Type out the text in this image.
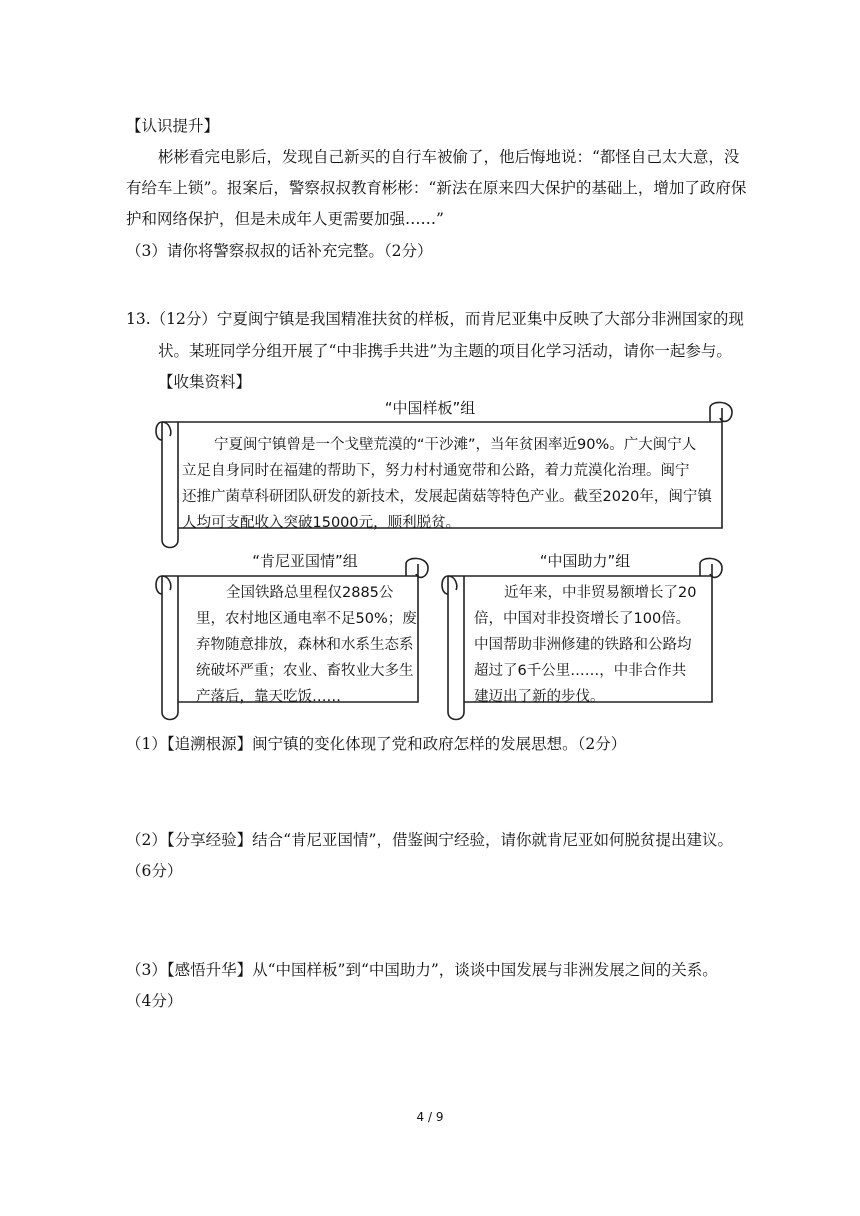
【认识提升】
彬彬看完电影后，发现自己新买的自行车被偷了，他后悔地说：“都怪自己太大意，没
有给车上锁”。报案后，警察叔叔教育彬彬：“新法在原来四大保护的基础上，增加了政府保
护和网络保护，但是未成年人更需要加强……”
（3）请你将警察叔叔的话补充完整。（2分）
13.（12分）宁夏闽宁镇是我国精准扶贫的样板，而肯尼亚集中反映了大部分非洲国家的现
状。某班同学分组开展了“中非携手共进”为主题的项目化学习活动，请你一起参与。
【收集资料】
“中国样板”组
宁夏闽宁镇曾是一个戈壁荒漠的“干沙滩”，当年贫困率近90%。广大闽宁人
立足自身同时在福建的帮助下，努力村村通宽带和公路，着力荒漠化治理。闽宁
还推广菌草科研团队研发的新技术，发展起菌菇等特色产业。截至2020年，闽宁镇
人均可支配收入突破15000元，顺利脱贫。
“肯尼亚国情”组
全国铁路总里程仅2885公
里，农村地区通电率不足50%；废
弃物随意排放，森林和水系生态系
统破坏严重；农业、畜牧业大多生
产落后，靠天吃饭……
“中国助力”组
近年来，中非贸易额增长了20
倍，中国对非投资增长了100倍。
中国帮助非洲修建的铁路和公路均
超过了6千公里……，中非合作共
建迈出了新的步伐。
（1）【追溯根源】闽宁镇的变化体现了党和政府怎样的发展思想。（2分）
（2）【分享经验】结合“肯尼亚国情”，借鉴闽宁经验，请你就肯尼亚如何脱贫提出建议。
（6分）
（3）【感悟升华】从“中国样板”到“中国助力”，谈谈中国发展与非洲发展之间的关系。
（4分）
4 / 9
